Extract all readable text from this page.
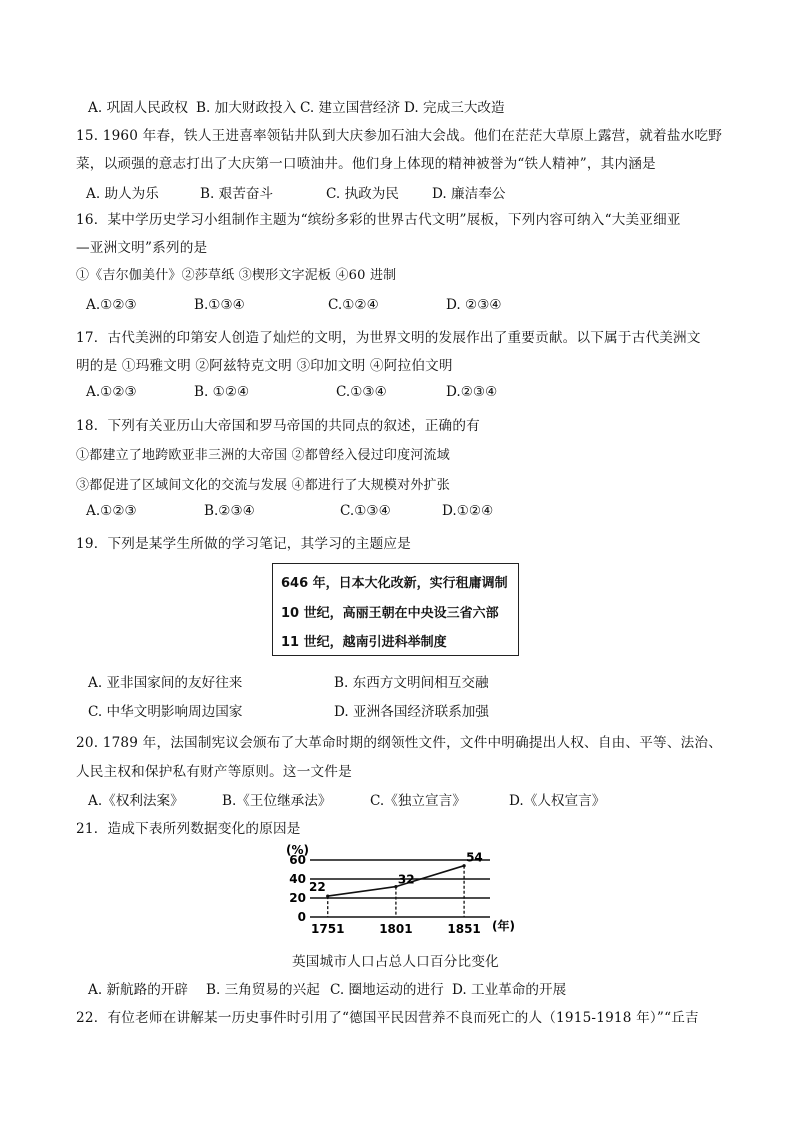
A. 巩固人民政权 B. 加大财政投入 C. 建立国营经济 D. 完成三大改造
15. 1960 年春，铁人王进喜率领钻井队到大庆参加石油大会战。他们在茫茫大草原上露营，就着盐水吃野
菜，以顽强的意志打出了大庆第一口喷油井。他们身上体现的精神被誉为“铁人精神”，其内涵是
A. 助人为乐	B. 艰苦奋斗	C. 执政为民 D. 廉洁奉公
16．某中学历史学习小组制作主题为“缤纷多彩的世界古代文明”展板，下列内容可纳入“大美亚细亚
—亚洲文明”系列的是
①《吉尔伽美什》②莎草纸 ③楔形文字泥板 ④60 进制
A.①②③	B.①③④	C.①②④	D. ②③④
17．古代美洲的印第安人创造了灿烂的文明，为世界文明的发展作出了重要贡献。以下属于古代美洲文
明的是 ①玛雅文明 ②阿兹特克文明 ③印加文明 ④阿拉伯文明
A.①②③	B. ①②④	C.①③④	D.②③④
18．下列有关亚历山大帝国和罗马帝国的共同点的叙述，正确的有
①都建立了地跨欧亚非三洲的大帝国 ②都曾经入侵过印度河流域
③都促进了区域间文化的交流与发展 ④都进行了大规模对外扩张
A.①②③	B.②③④	C.①③④	D.①②④
19．下列是某学生所做的学习笔记，其学习的主题应是
646 年，日本大化改新，实行租庸调制
10 世纪，高丽王朝在中央设三省六部
11 世纪，越南引进科举制度
A. 亚非国家间的友好往来	B. 东西方文明间相互交融
C. 中华文明影响周边国家	D. 亚洲各国经济联系加强
20. 1789 年，法国制宪议会颁布了大革命时期的纲领性文件，文件中明确提出人权、自由、平等、法治、
人民主权和保护私有财产等原则。这一文件是
A.《权利法案》	B.《王位继承法》	C.《独立宣言》	D.《人权宣言》
21．造成下表所列数据变化的原因是
0
20
40
60
1751	1801	1851
22
32
54
(%)
(年)
英国城市人口占总人口百分比变化
A. 新航路的开辟 B. 三角贸易的兴起 C. 圈地运动的进行 D. 工业革命的开展
22．有位老师在讲解某一历史事件时引用了“德国平民因营养不良而死亡的人（1915-1918 年）”“丘吉
